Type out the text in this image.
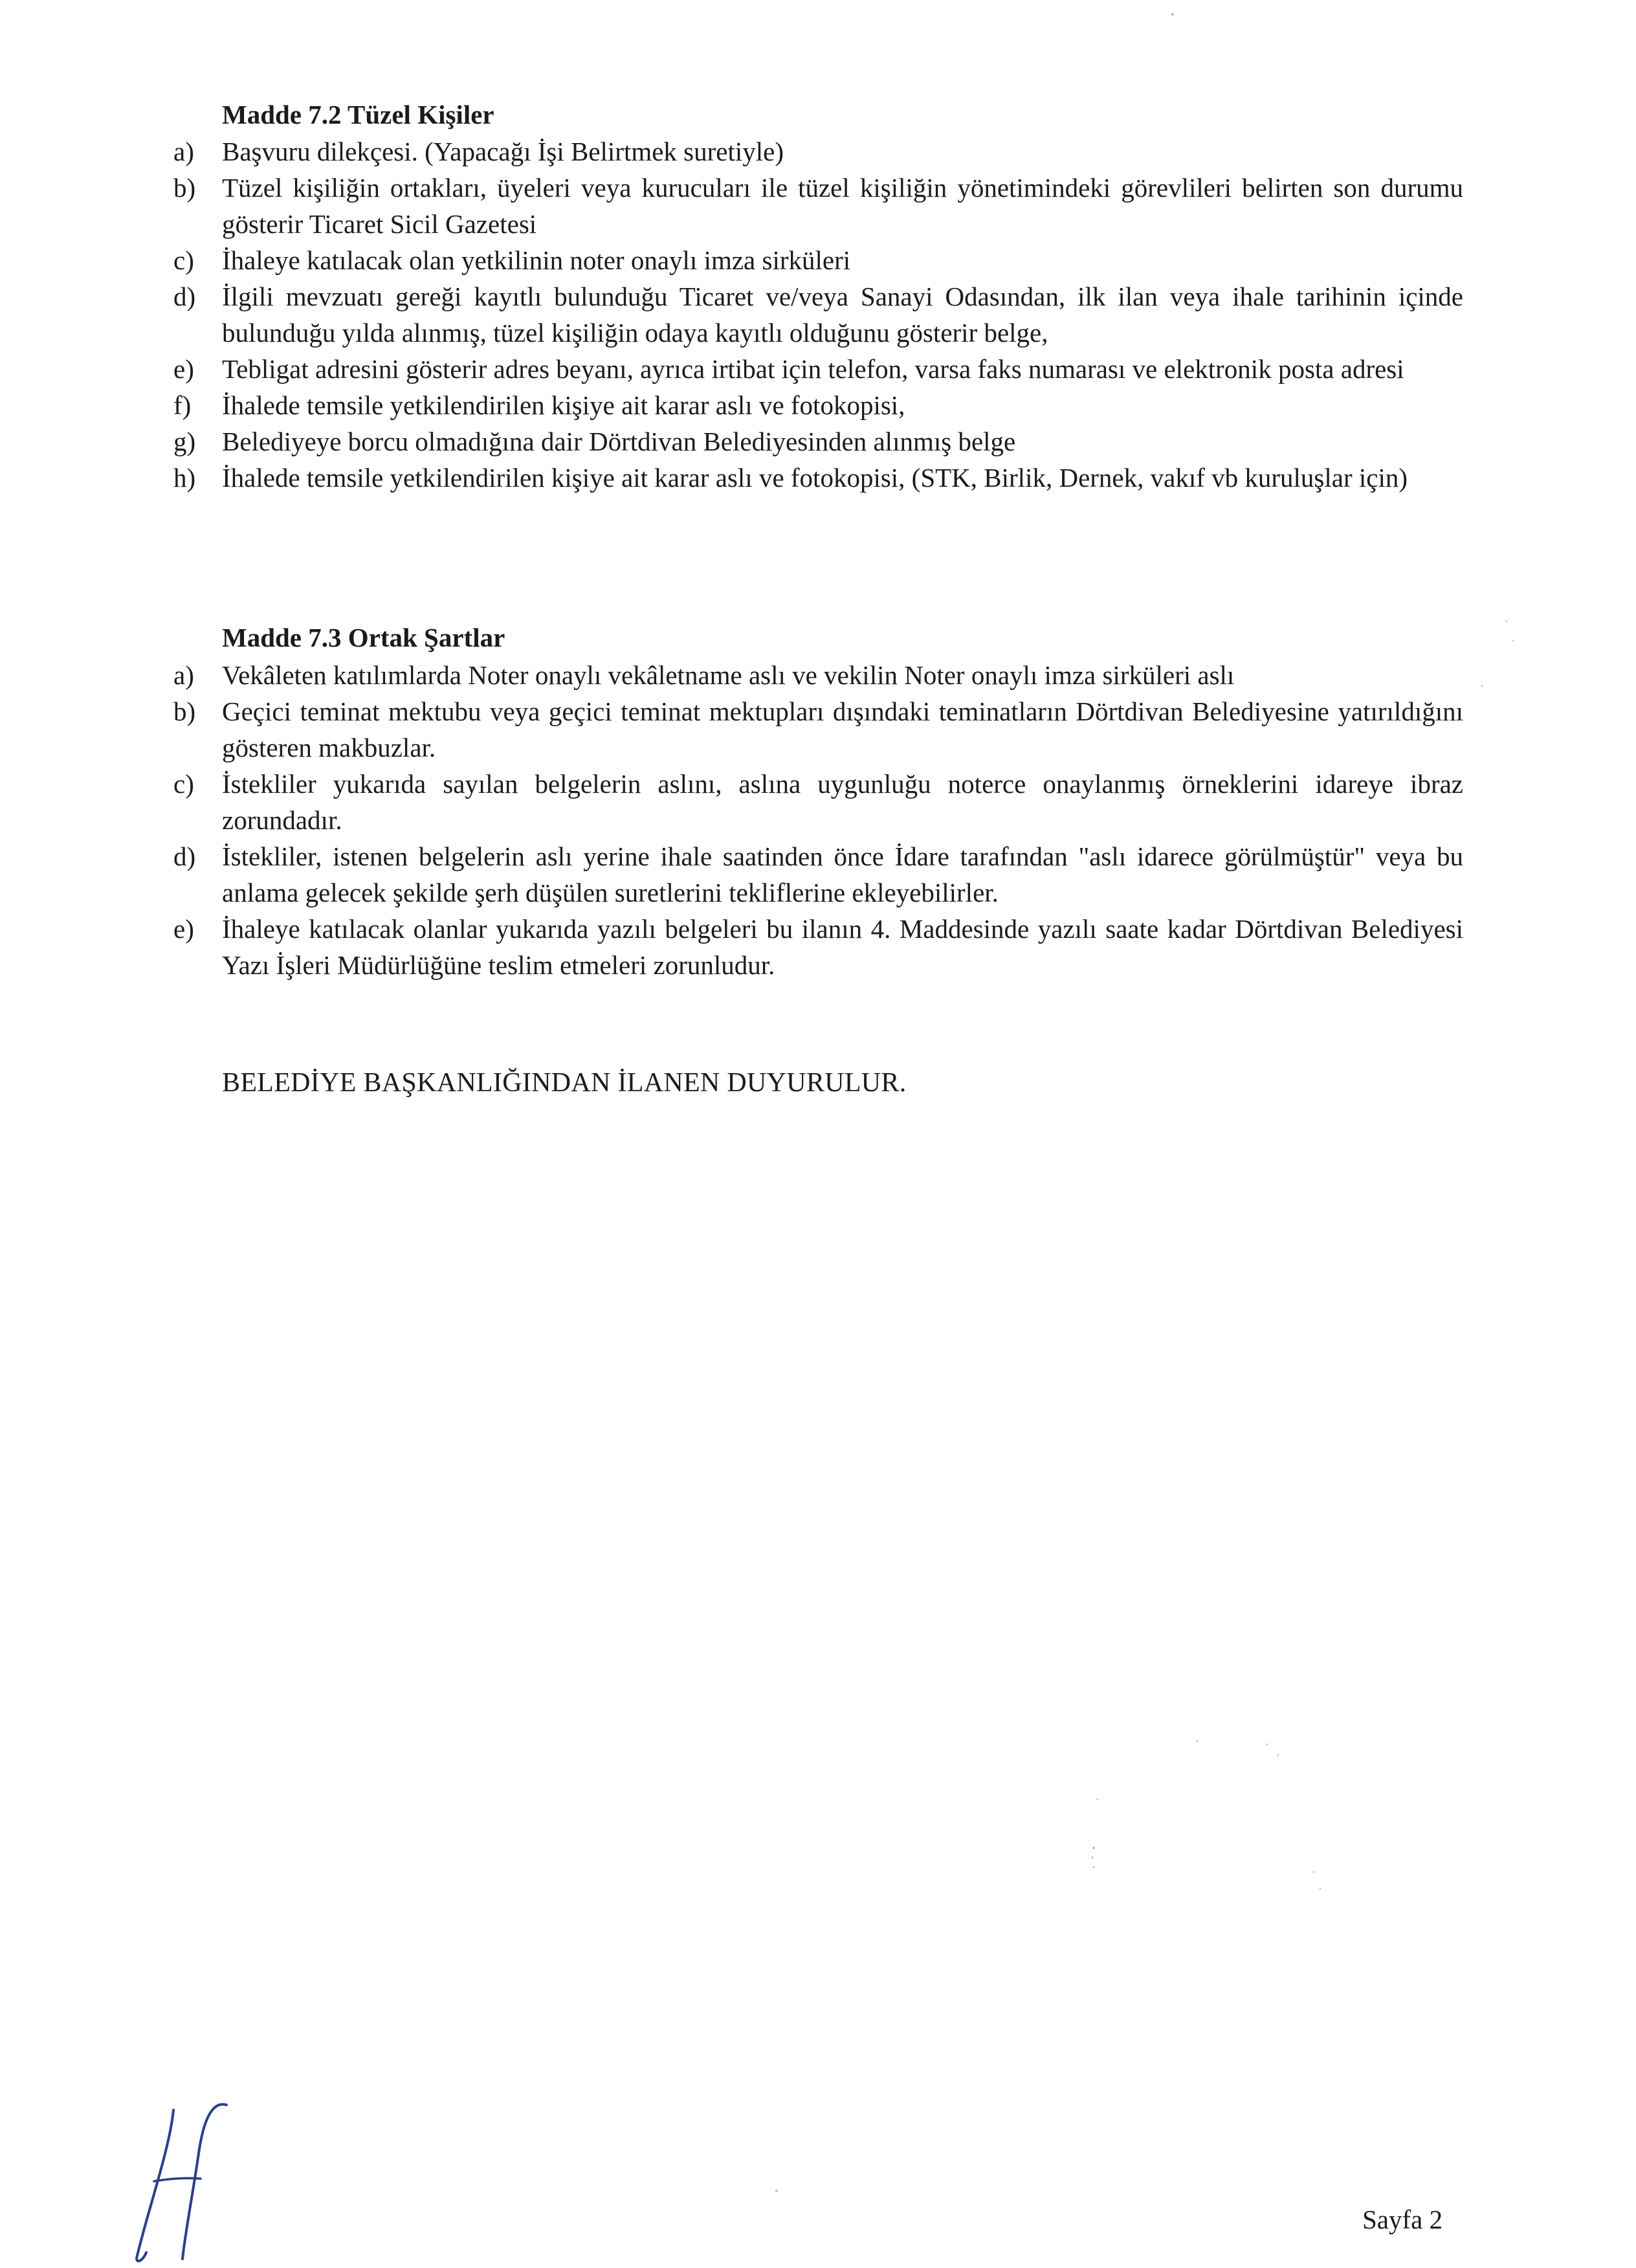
Madde 7.2 Tüzel Kişiler
a)	Başvuru dilekçesi. (Yapacağı İşi Belirtmek suretiyle)
b) Tüzel kişiliğin ortakları, üyeleri veya kurucuları ile tüzel kişiliğin yönetimindeki görevlileri belirten son durumu gösterir Ticaret Sicil Gazetesi
c)	İhaleye katılacak olan yetkilinin noter onaylı imza sirküleri
d) İlgili mevzuatı gereği kayıtlı bulunduğu Ticaret ve/veya Sanayi Odasından, ilk ilan veya ihale tarihinin içinde bulunduğu yılda alınmış, tüzel kişiliğin odaya kayıtlı olduğunu gösterir belge,
e)	Tebligat adresini gösterir adres beyanı, ayrıca irtibat için telefon, varsa faks numarası ve elektronik posta adresi
f)	İhalede temsile yetkilendirilen kişiye ait karar aslı ve fotokopisi,
g) Belediyeye borcu olmadığına dair Dörtdivan Belediyesinden alınmış belge
h) İhalede temsile yetkilendirilen kişiye ait karar aslı ve fotokopisi, (STK, Birlik, Dernek, vakıf vb kuruluşlar için)
Madde 7.3 Ortak Şartlar
a)	Vekâleten katılımlarda Noter onaylı vekâletname aslı ve vekilin Noter onaylı imza sirküleri aslı
b) Geçici teminat mektubu veya geçici teminat mektupları dışındaki teminatların Dörtdivan Belediyesine yatırıldığını gösteren makbuzlar.
c)	İstekliler yukarıda sayılan belgelerin aslını, aslına uygunluğu noterce onaylanmış örneklerini idareye ibraz zorundadır.
d) İstekliler, istenen belgelerin aslı yerine ihale saatinden önce İdare tarafından "aslı idarece görülmüştür" veya bu anlama gelecek şekilde şerh düşülen suretlerini tekliflerine ekleyebilirler.
e)	İhaleye katılacak olanlar yukarıda yazılı belgeleri bu ilanın 4. Maddesinde yazılı saate kadar Dörtdivan Belediyesi Yazı İşleri Müdürlüğüne teslim etmeleri zorunludur.
BELEDİYE BAŞKANLIĞINDAN İLANEN DUYURULUR.
Sayfa 2
